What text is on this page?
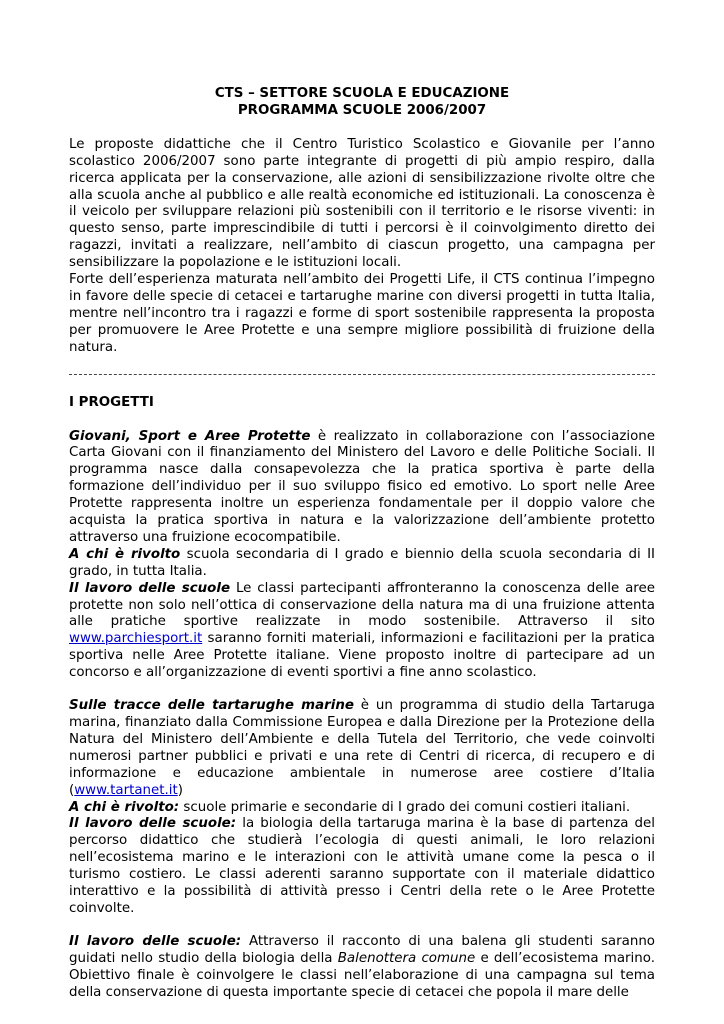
CTS – SETTORE SCUOLA E EDUCAZIONE
PROGRAMMA SCUOLE 2006/2007

Le proposte didattiche che il Centro Turistico Scolastico e Giovanile per l’anno scolastico 2006/2007 sono parte integrante di progetti di più ampio respiro, dalla ricerca applicata per la conservazione, alle azioni di sensibilizzazione rivolte oltre che alla scuola anche al pubblico e alle realtà economiche ed istituzionali. La conoscenza è il veicolo per sviluppare relazioni più sostenibili con il territorio e le risorse viventi: in questo senso, parte imprescindibile di tutti i percorsi è il coinvolgimento diretto dei ragazzi, invitati a realizzare, nell’ambito di ciascun progetto, una campagna per sensibilizzare la popolazione e le istituzioni locali.

Forte dell’esperienza maturata nell’ambito dei Progetti Life, il CTS continua l’impegno in favore delle specie di cetacei e tartarughe marine con diversi progetti in tutta Italia, mentre nell’incontro tra i ragazzi e forme di sport sostenibile rappresenta la proposta per promuovere le Aree Protette e una sempre migliore possibilità di fruizione della natura.

I PROGETTI

Giovani, Sport e Aree Protette è realizzato in collaborazione con l’associazione Carta Giovani con il finanziamento del Ministero del Lavoro e delle Politiche Sociali. Il programma nasce dalla consapevolezza che la pratica sportiva è parte della formazione dell’individuo per il suo sviluppo fisico ed emotivo. Lo sport nelle Aree Protette rappresenta inoltre un esperienza fondamentale per il doppio valore che acquista la pratica sportiva in natura e la valorizzazione dell’ambiente protetto attraverso una fruizione ecocompatibile.

A chi è rivolto scuola secondaria di I grado e biennio della scuola secondaria di II grado, in tutta Italia.

Il lavoro delle scuole Le classi partecipanti affronteranno la conoscenza delle aree protette non solo nell’ottica di conservazione della natura ma di una fruizione attenta alle pratiche sportive realizzate in modo sostenibile. Attraverso il sito www.parchiesport.it saranno forniti materiali, informazioni e facilitazioni per la pratica sportiva nelle Aree Protette italiane. Viene proposto inoltre di partecipare ad un concorso e all’organizzazione di eventi sportivi a fine anno scolastico.

Sulle tracce delle tartarughe marine è un programma di studio della Tartaruga marina, finanziato dalla Commissione Europea e dalla Direzione per la Protezione della Natura del Ministero dell’Ambiente e della Tutela del Territorio, che vede coinvolti numerosi partner pubblici e privati e una rete di Centri di ricerca, di recupero e di informazione e educazione ambientale in numerose aree costiere d’Italia (www.tartanet.it)

A chi è rivolto: scuole primarie e secondarie di I grado dei comuni costieri italiani.

Il lavoro delle scuole: la biologia della tartaruga marina è la base di partenza del percorso didattico che studierà l’ecologia di questi animali, le loro relazioni nell’ecosistema marino e le interazioni con le attività umane come la pesca o il turismo costiero. Le classi aderenti saranno supportate con il materiale didattico interattivo e la possibilità di attività presso i Centri della rete o le Aree Protette coinvolte.

Il lavoro delle scuole: Attraverso il racconto di una balena gli studenti saranno guidati nello studio della biologia della Balenottera comune e dell’ecosistema marino. Obiettivo finale è coinvolgere le classi nell’elaborazione di una campagna sul tema della conservazione di questa importante specie di cetacei che popola il mare delle
